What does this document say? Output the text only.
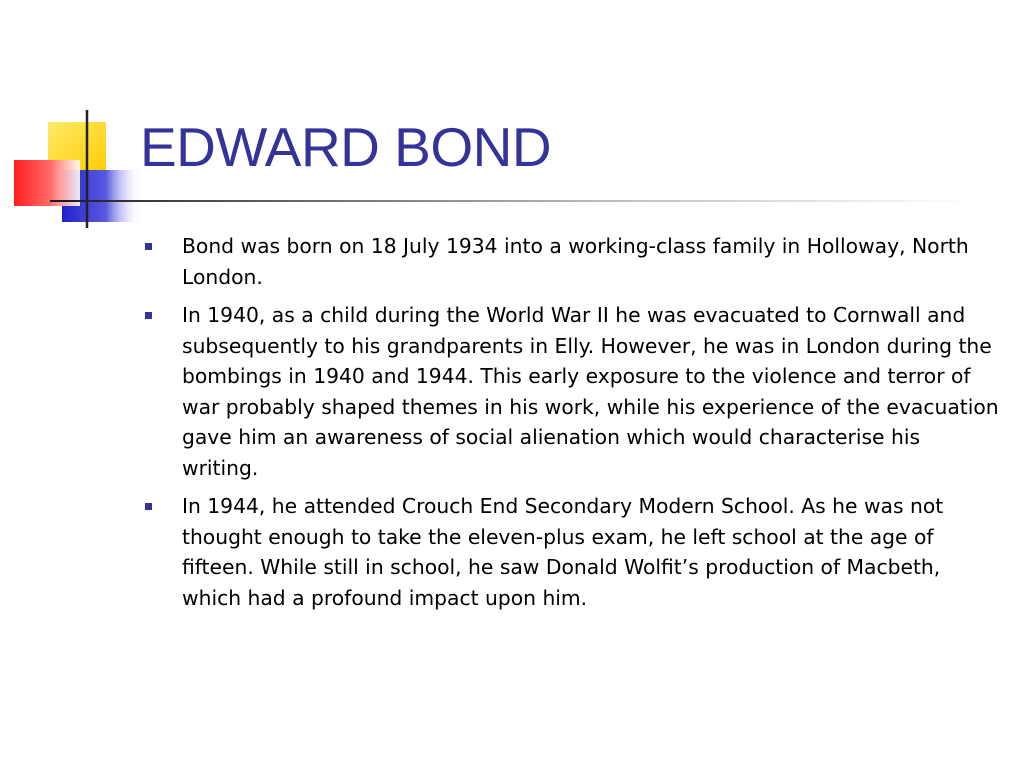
EDWARD BOND
Bond was born on 18 July 1934 into a working-class family in Holloway, North London.
In 1940, as a child during the World War II he was evacuated to Cornwall and subsequently to his grandparents in Elly. However, he was in London during the bombings in 1940 and 1944. This early exposure to the violence and terror of war probably shaped themes in his work, while his experience of the evacuation gave him an awareness of social alienation which would characterise his writing.
In 1944, he attended Crouch End Secondary Modern School. As he was not thought enough to take the eleven-plus exam, he left school at the age of fifteen. While still in school, he saw Donald Wolfit’s production of Macbeth, which had a profound impact upon him.
